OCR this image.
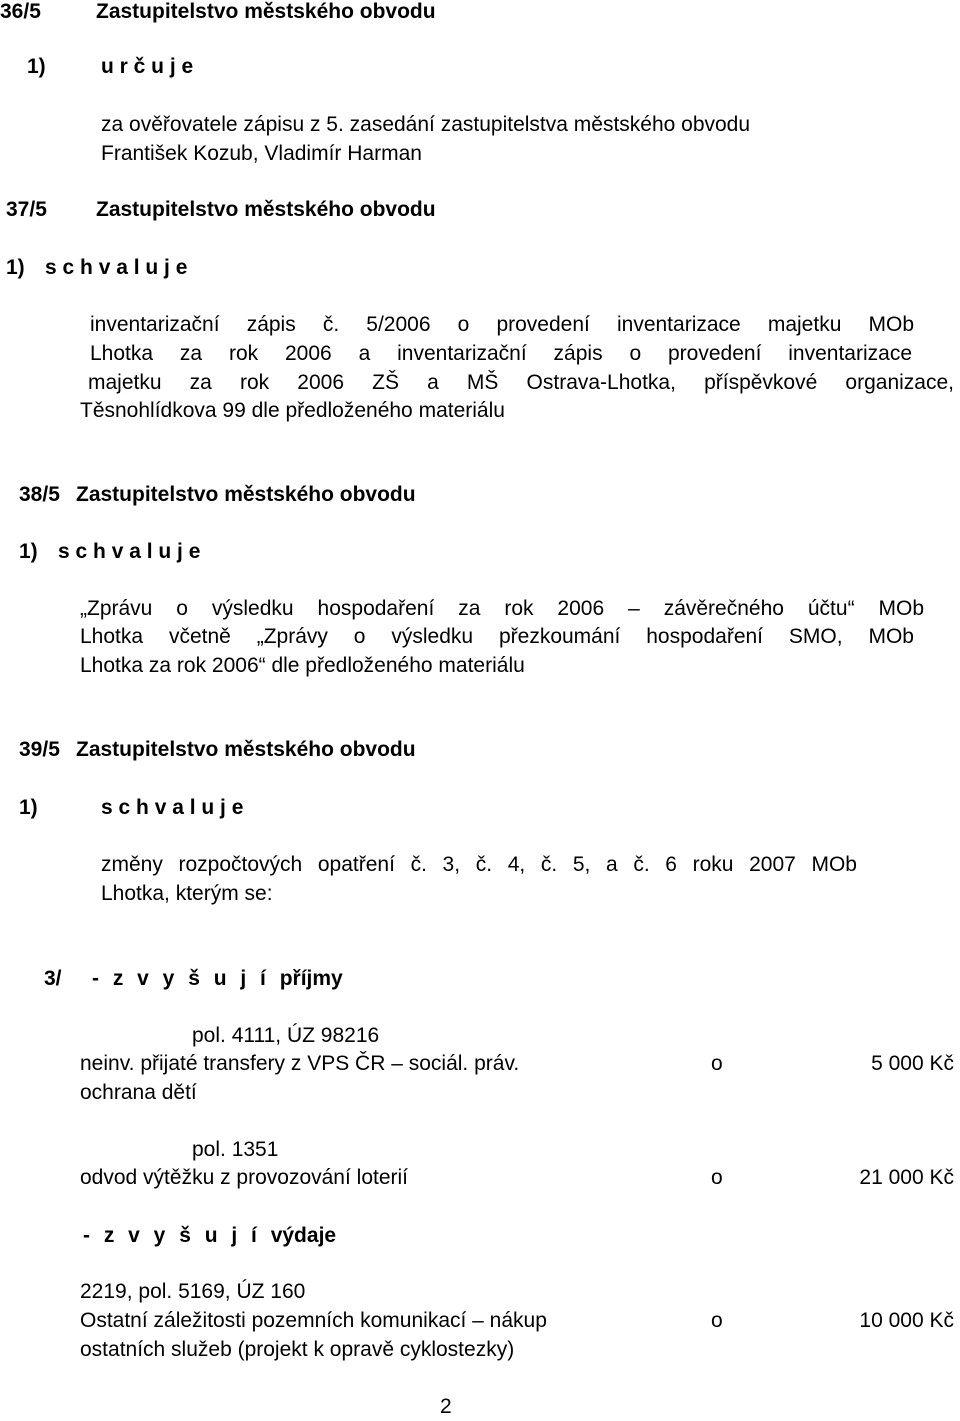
36/5	Zastupitelstvo městského obvodu
1)	u r č u j e
za ověřovatele zápisu z 5. zasedání zastupitelstva městského obvodu
František Kozub, Vladimír Harman
37/5 Zastupitelstvo městského obvodu
1) s c h v a l u j e
inventarizační zápis č. 5/2006 o provedení inventarizace majetku MOb
Lhotka za rok 2006 a inventarizační zápis o provedení inventarizace
majetku za rok 2006 ZŠ a MŠ Ostrava-Lhotka, příspěvkové organizace,
Těsnohlídkova 99 dle předloženého materiálu
38/5 Zastupitelstvo městského obvodu
1) s c h v a l u j e
„Zprávu o výsledku hospodaření za rok 2006 – závěrečného účtu“ MOb
Lhotka včetně „Zprávy o výsledku přezkoumání hospodaření SMO, MOb
Lhotka za rok 2006“ dle předloženého materiálu
39/5 Zastupitelstvo městského obvodu
1)	s c h v a l u j e
změny rozpočtových opatření č. 3, č. 4, č. 5, a č. 6 roku 2007 MOb
Lhotka, kterým se:
3/ - z v y š u j í příjmy
pol. 4111, ÚZ 98216
neinv. přijaté transfery z VPS ČR – sociál. práv.
ochrana dětí
o	5 000 Kč
pol. 1351
odvod výtěžku z provozování loterií	o	21 000 Kč
- z v y š u j í výdaje
2219, pol. 5169, ÚZ 160
Ostatní záležitosti pozemních komunikací – nákup
ostatních služeb (projekt k opravě cyklostezky)
o	10 000 Kč
2
